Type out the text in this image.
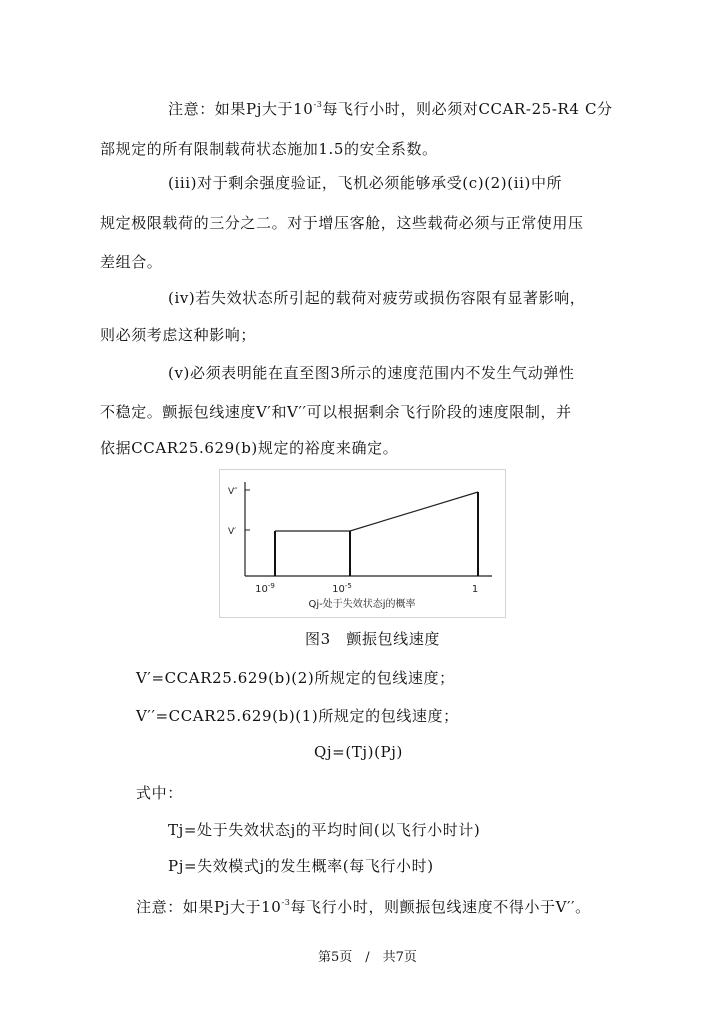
注意：如果Pj大于$10^{-3}$每飞行小时，则必须对CCAR-25-R4 C分
部规定的所有限制载荷状态施加1.5的安全系数。
(iii)对于剩余强度验证，飞机必须能够承受(c)(2)(ii)中所
规定极限载荷的三分之二。对于增压客舱，这些载荷必须与正常使用压
差组合。
(iv)若失效状态所引起的载荷对疲劳或损伤容限有显著影响，
则必须考虑这种影响；
(v)必须表明能在直至图3所示的速度范围内不发生气动弹性
不稳定。颤振包线速度V′和V′′可以根据剩余飞行阶段的速度限制，并
依据CCAR25.629(b)规定的裕度来确定。
V″
V′
$10^{-9}$	$10^{-5}$	1
Qj-处于失效状态j的概率
图3　颤振包线速度
V′=CCAR25.629(b)(2)所规定的包线速度；
V′′=CCAR25.629(b)(1)所规定的包线速度；
Qj=(Tj)(Pj)
式中：
Tj=处于失效状态j的平均时间(以飞行小时计)
Pj=失效模式j的发生概率(每飞行小时)
注意：如果Pj大于$10^{-3}$每飞行小时，则颤振包线速度不得小于V′′。
第5页　/　共7页
